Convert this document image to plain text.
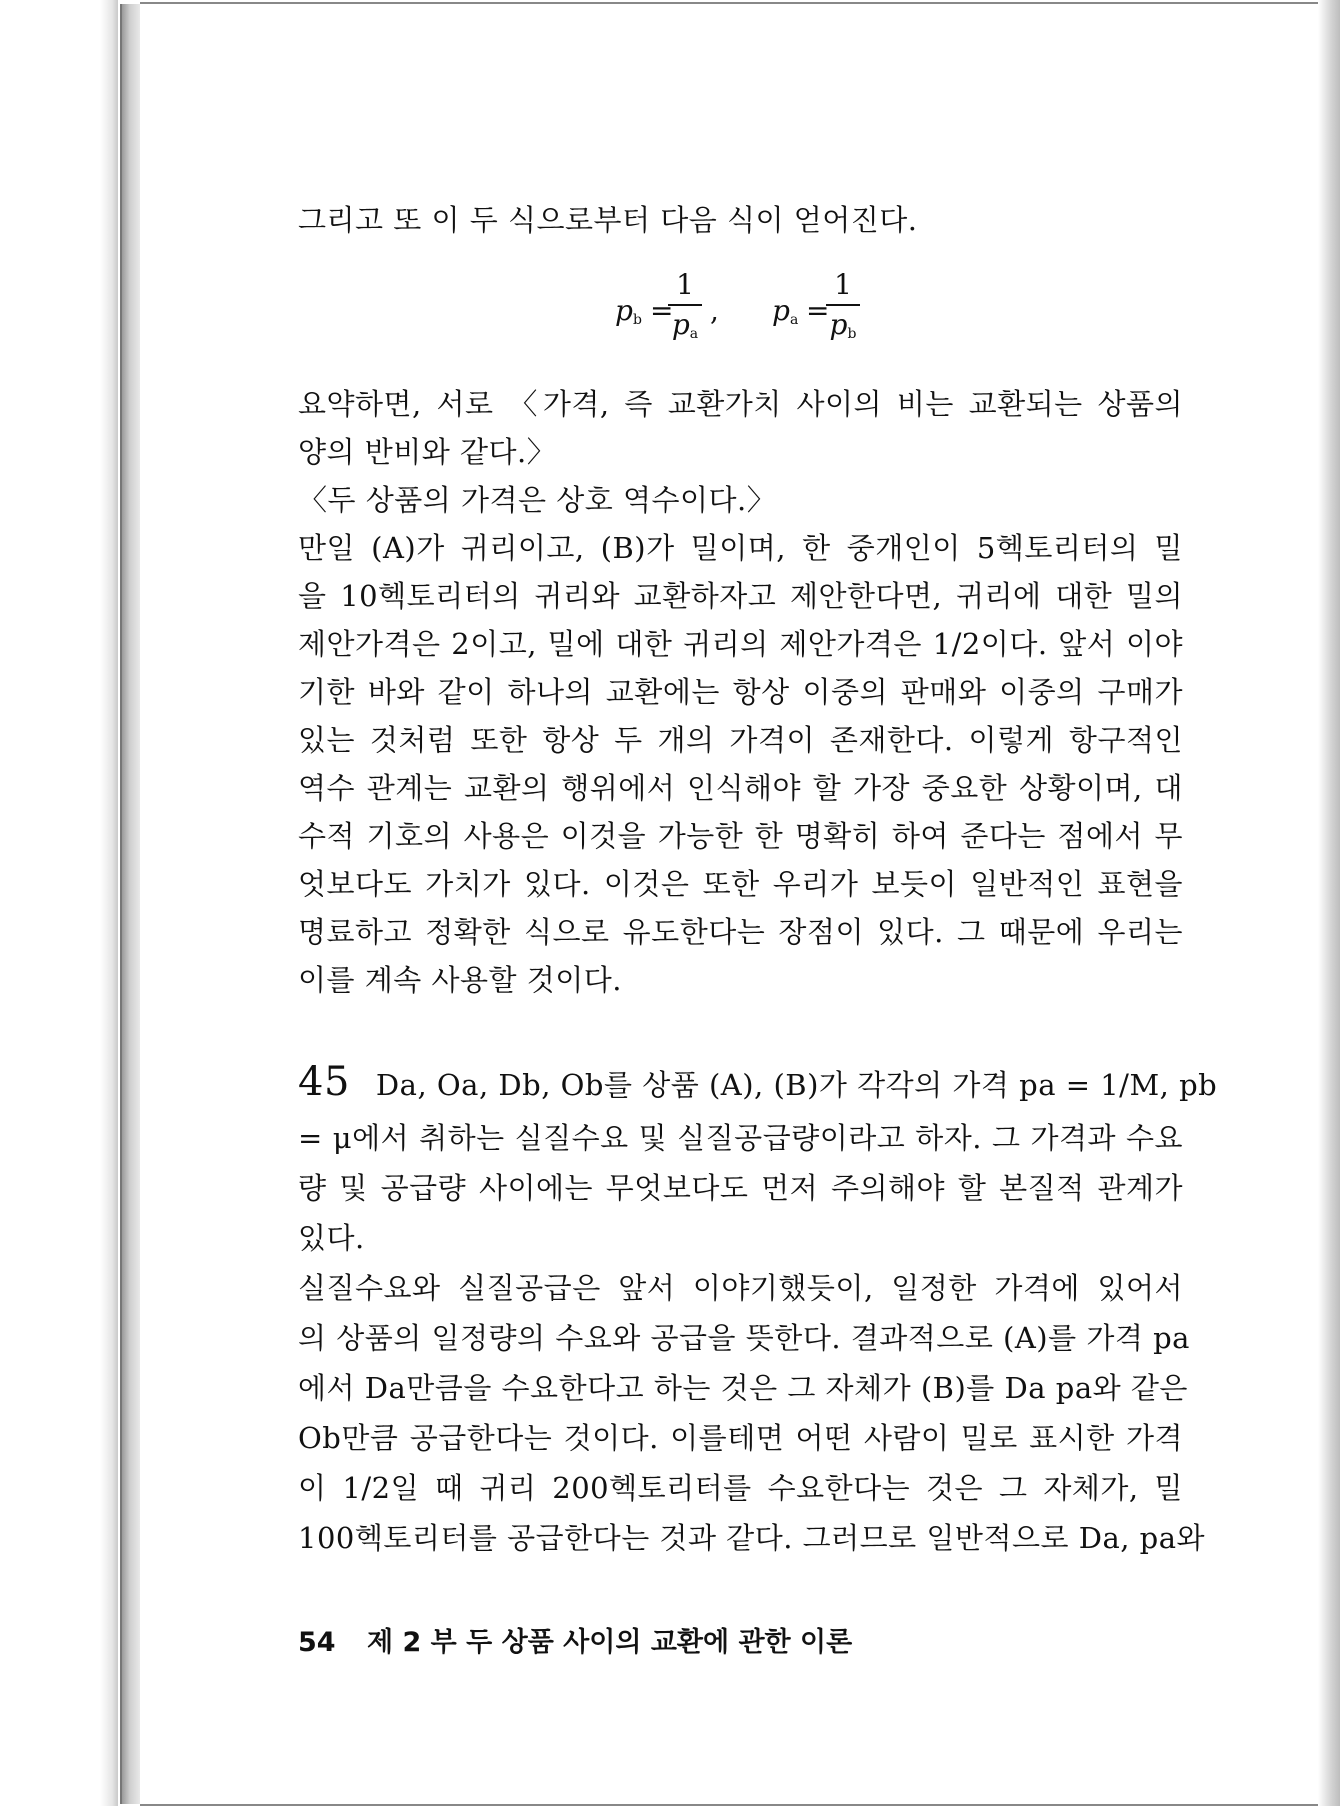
그리고 또 이 두 식으로부터 다음 식이 얻어진다.
$p_b$ =
1
$p_a$
, $p_a$ =
1
$p_b$
요약하면, 서로 〈가격, 즉 교환가치 사이의 비는 교환되는 상품의
양의 반비와 같다.〉
〈두 상품의 가격은 상호 역수이다.〉
만일 (A)가 귀리이고, (B)가 밀이며, 한 중개인이 5헥토리터의 밀
을 10헥토리터의 귀리와 교환하자고 제안한다면, 귀리에 대한 밀의
제안가격은 2이고, 밀에 대한 귀리의 제안가격은 1/2이다. 앞서 이야
기한 바와 같이 하나의 교환에는 항상 이중의 판매와 이중의 구매가
있는 것처럼 또한 항상 두 개의 가격이 존재한다. 이렇게 항구적인
역수 관계는 교환의 행위에서 인식해야 할 가장 중요한 상황이며, 대
수적 기호의 사용은 이것을 가능한 한 명확히 하여 준다는 점에서 무
엇보다도 가치가 있다. 이것은 또한 우리가 보듯이 일반적인 표현을
명료하고 정확한 식으로 유도한다는 장점이 있다. 그 때문에 우리는
이를 계속 사용할 것이다.
45 Da, Oa, Db, Ob를 상품 (A), (B)가 각각의 가격 pa = 1/M, pb
= μ에서 취하는 실질수요 및 실질공급량이라고 하자. 그 가격과 수요
량 및 공급량 사이에는 무엇보다도 먼저 주의해야 할 본질적 관계가
있다.
실질수요와 실질공급은 앞서 이야기했듯이, 일정한 가격에 있어서
의 상품의 일정량의 수요와 공급을 뜻한다. 결과적으로 (A)를 가격 pa
에서 Da만큼을 수요한다고 하는 것은 그 자체가 (B)를 Da pa와 같은
Ob만큼 공급한다는 것이다. 이를테면 어떤 사람이 밀로 표시한 가격
이 1/2일 때 귀리 200헥토리터를 수요한다는 것은 그 자체가, 밀
100헥토리터를 공급한다는 것과 같다. 그러므로 일반적으로 Da, pa와
54 제 2 부 두 상품 사이의 교환에 관한 이론
